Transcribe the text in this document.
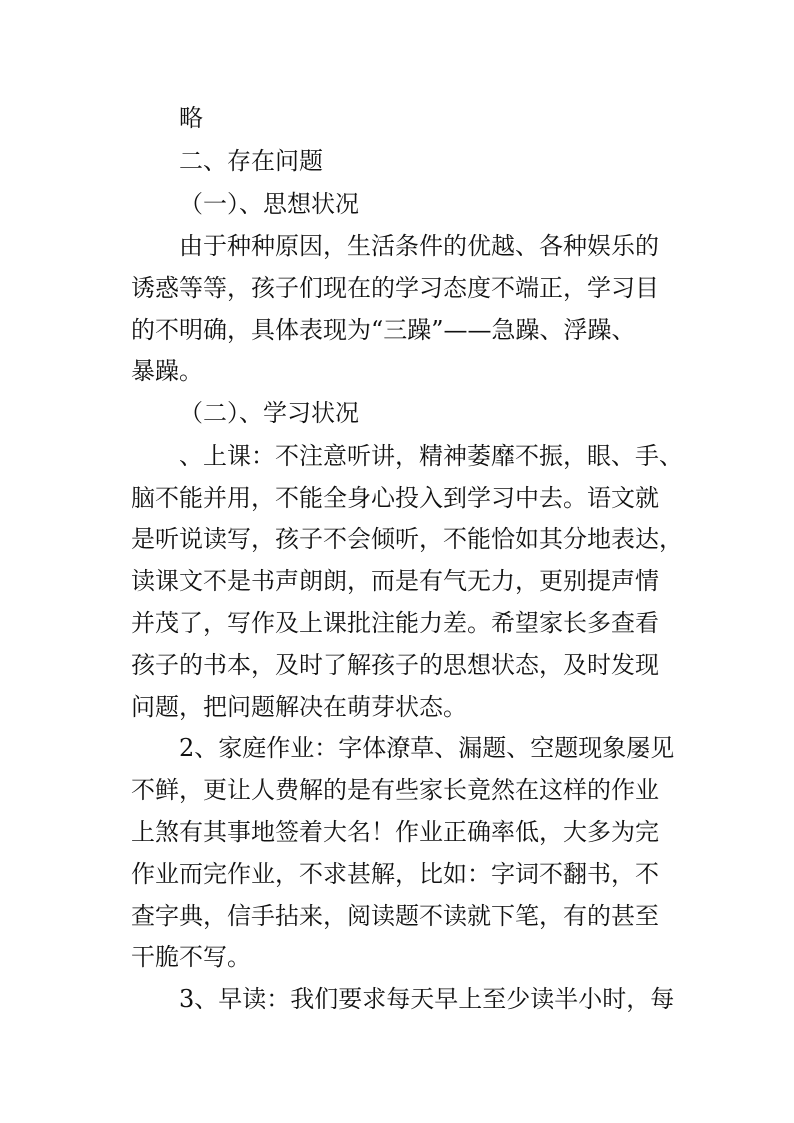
略
二、存在问题
（一）、思想状况
由于种种原因，生活条件的优越、各种娱乐的
诱惑等等，孩子们现在的学习态度不端正，学习目
的不明确，具体表现为“三躁”——急躁、浮躁、
暴躁。
（二）、学习状况
、上课：不注意听讲，精神萎靡不振，眼、手、
脑不能并用，不能全身心投入到学习中去。语文就
是听说读写，孩子不会倾听，不能恰如其分地表达，
读课文不是书声朗朗，而是有气无力，更别提声情
并茂了，写作及上课批注能力差。希望家长多查看
孩子的书本，及时了解孩子的思想状态，及时发现
问题，把问题解决在萌芽状态。
2、家庭作业：字体潦草、漏题、空题现象屡见
不鲜，更让人费解的是有些家长竟然在这样的作业
上煞有其事地签着大名！作业正确率低，大多为完
作业而完作业，不求甚解，比如：字词不翻书，不
查字典，信手拈来，阅读题不读就下笔，有的甚至
干脆不写。
3、早读：我们要求每天早上至少读半小时，每
